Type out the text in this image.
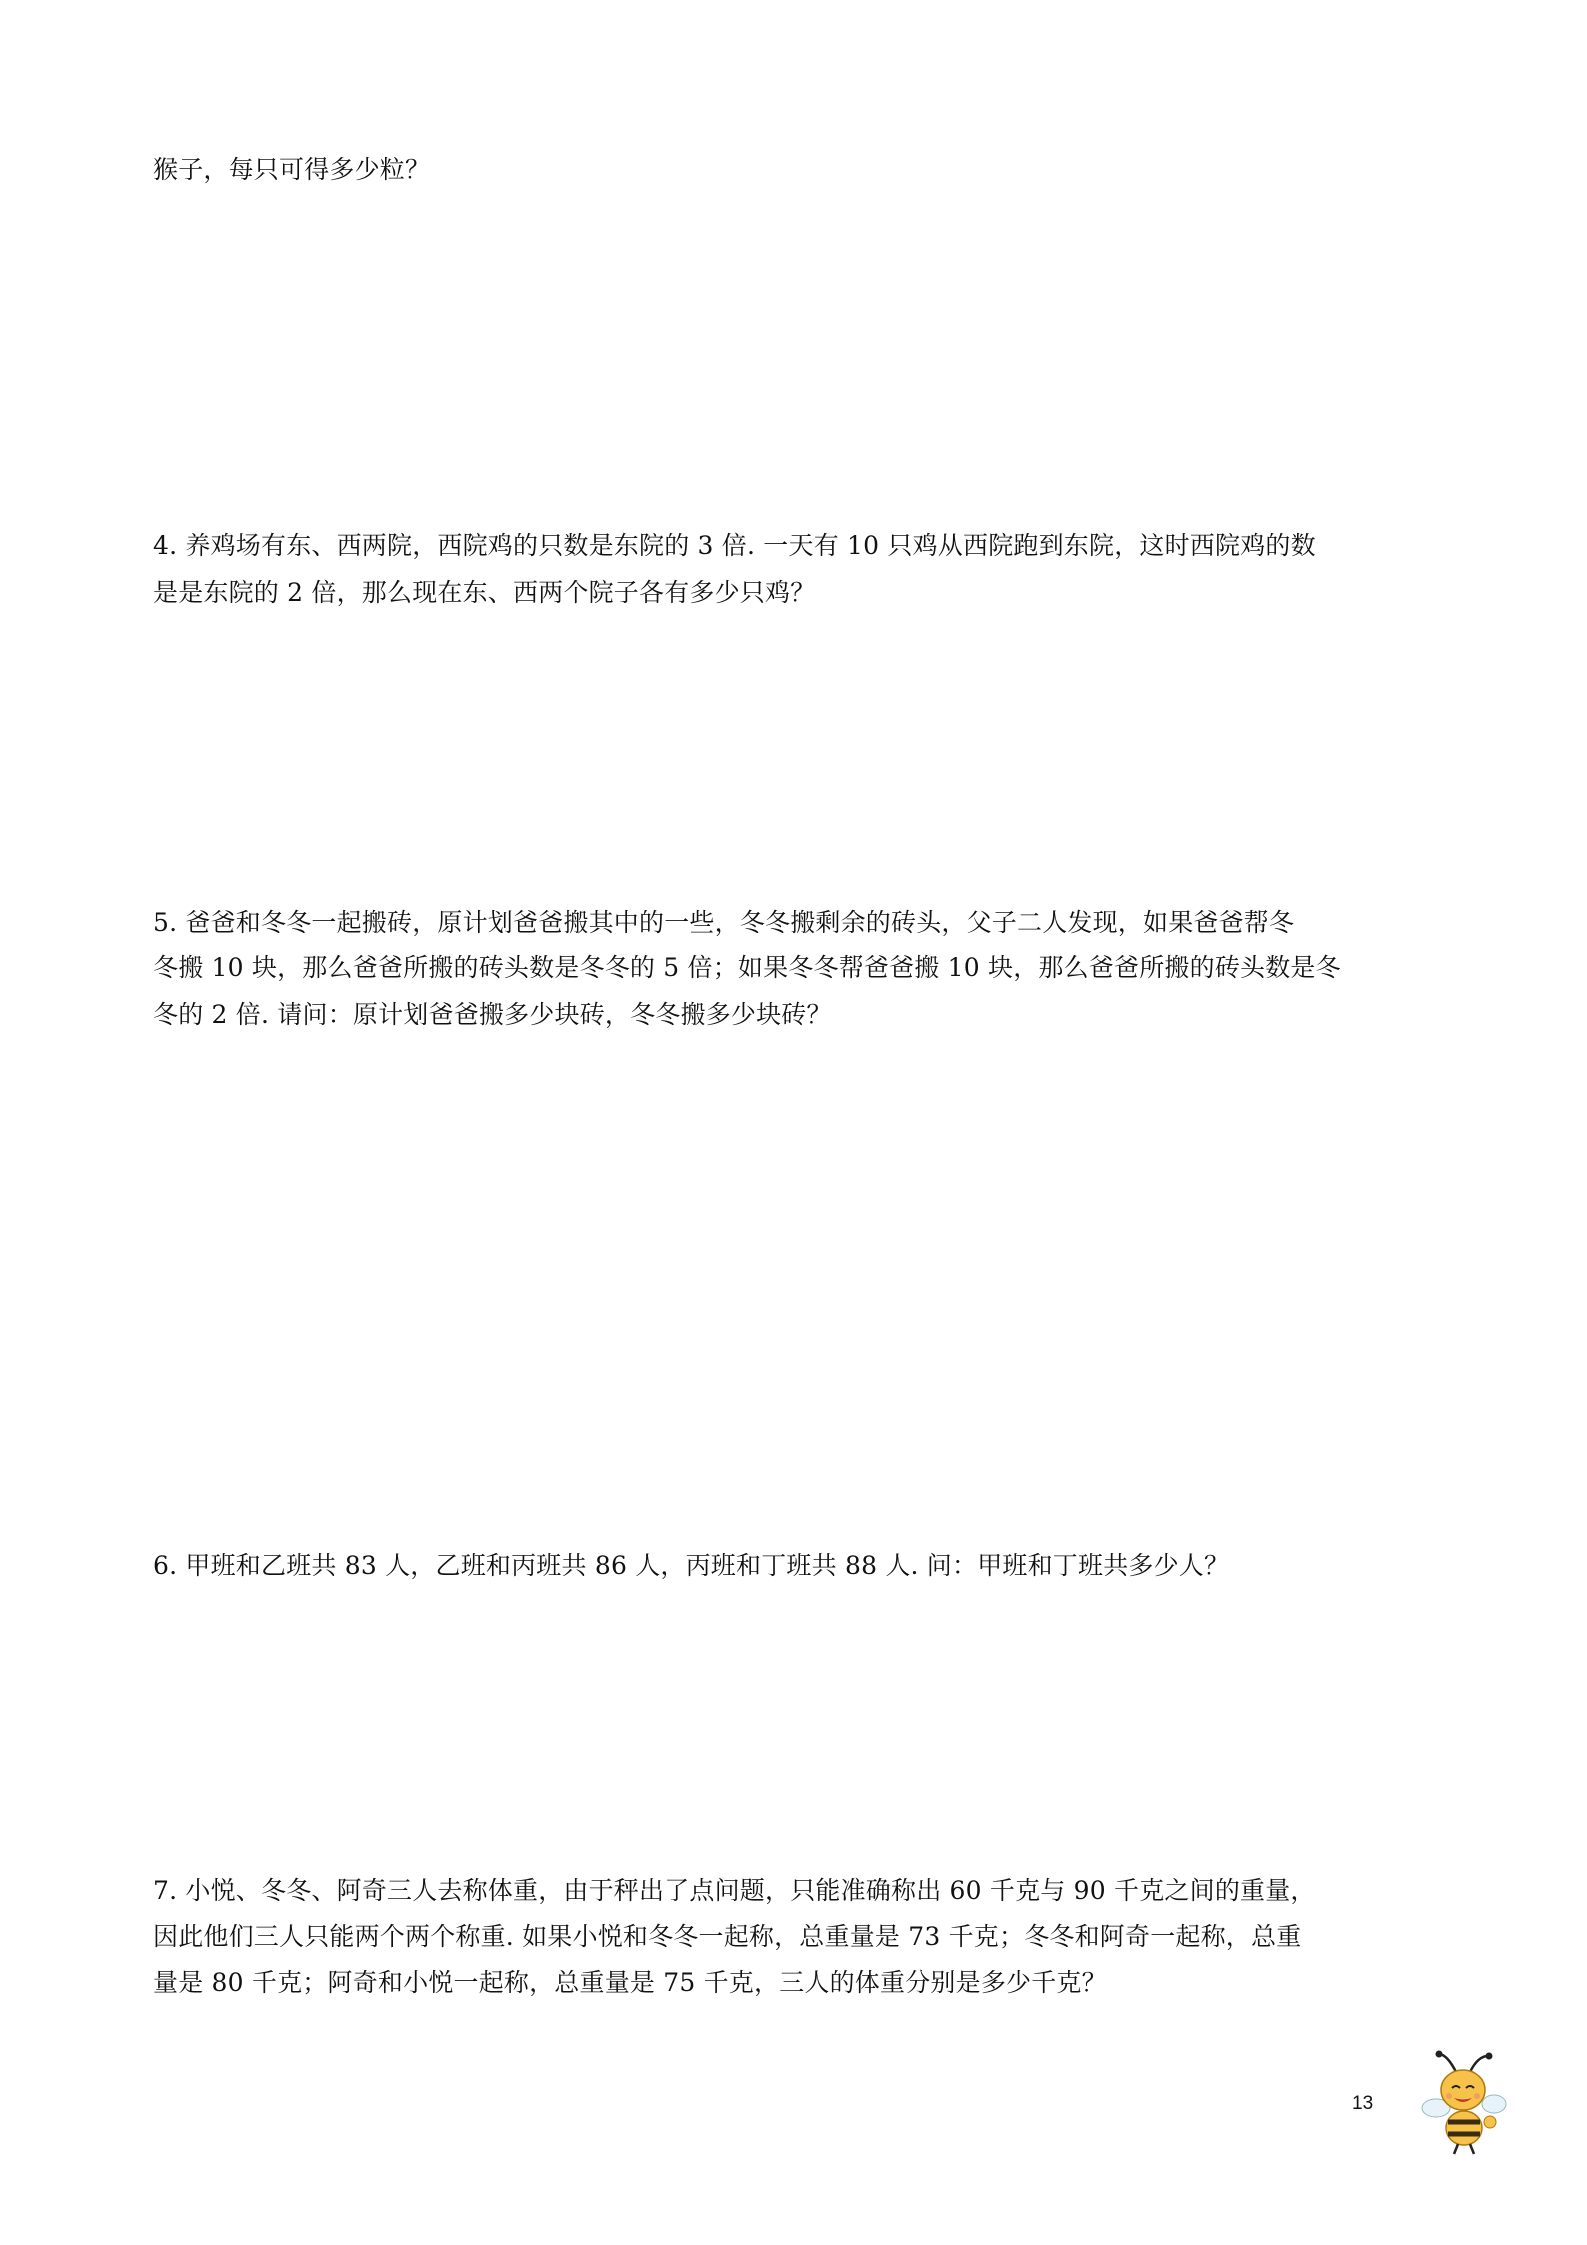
猴子，每只可得多少粒？
4. 养鸡场有东、西两院，西院鸡的只数是东院的 3 倍. 一天有 10 只鸡从西院跑到东院，这时西院鸡的数
是是东院的 2 倍，那么现在东、西两个院子各有多少只鸡？
5. 爸爸和冬冬一起搬砖，原计划爸爸搬其中的一些，冬冬搬剩余的砖头，父子二人发现，如果爸爸帮冬
冬搬 10 块，那么爸爸所搬的砖头数是冬冬的 5 倍；如果冬冬帮爸爸搬 10 块，那么爸爸所搬的砖头数是冬
冬的 2 倍. 请问：原计划爸爸搬多少块砖，冬冬搬多少块砖？
6. 甲班和乙班共 83 人，乙班和丙班共 86 人，丙班和丁班共 88 人. 问：甲班和丁班共多少人？
7. 小悦、冬冬、阿奇三人去称体重，由于秤出了点问题，只能准确称出 60 千克与 90 千克之间的重量，
因此他们三人只能两个两个称重. 如果小悦和冬冬一起称，总重量是 73 千克；冬冬和阿奇一起称，总重
量是 80 千克；阿奇和小悦一起称，总重量是 75 千克，三人的体重分别是多少千克？
13
